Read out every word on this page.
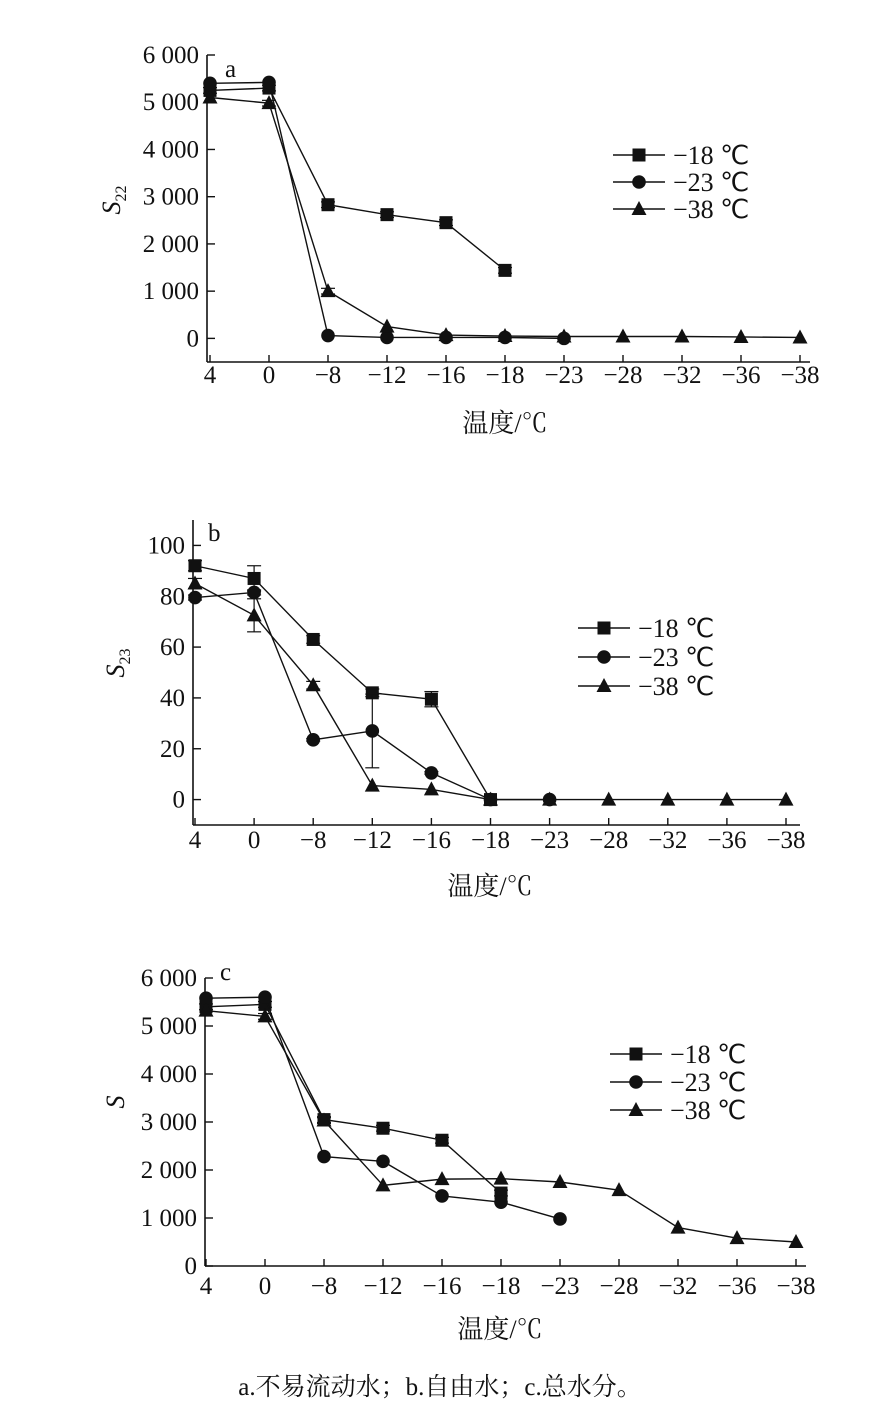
0
1 000
2 000
3 000
4 000
5 000
6 000
4 0 −8 −12 −16 −18 −23 −28 −32 −36 −38
温度/℃
$S_{22}$
a
−18 ℃
−23 ℃
−38 ℃
0
20
40
60
80
100
4 0 −8 −12 −16 −18 −23 −28 −32 −36 −38
温度/℃
$S_{23}$
b
−18 ℃
−23 ℃
−38 ℃
0
1 000
2 000
3 000
4 000
5 000
6 000
4 0 −8 −12 −16 −18 −23 −28 −32 −36 −38
温度/℃
S
c
−18 ℃
−23 ℃
−38 ℃
a.不易流动水；b.自由水；c.总水分。
